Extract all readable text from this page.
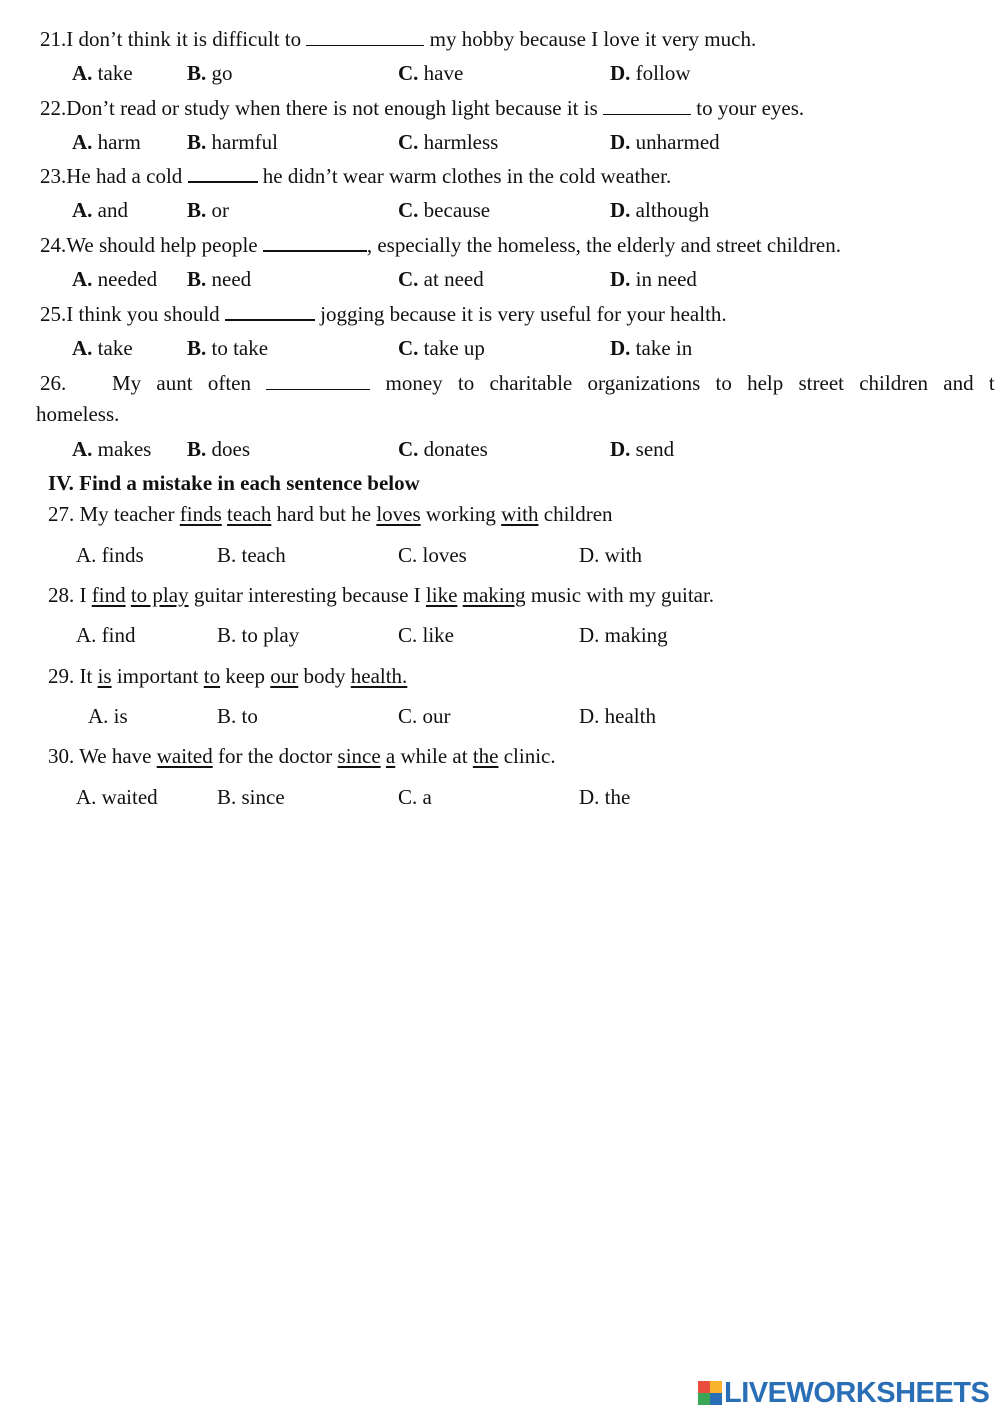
21.I don’t think it is difficult to	my hobby because I love it very much.
A. take	B. go	C. have	D. follow
22.Don’t read or study when there is not enough light because it is	to your eyes.
A. harm B. harmful	C. harmless	D. unharmed
23.He had a cold	he didn’t wear warm clothes in the cold weather.
A. and	B. or	C. because	D. although
24.We should help people	, especially the homeless, the elderly and street children.
A. needed B. need	C. at need	D. in need
25.I think you should	jogging because it is very useful for your health.
A. take	B. to take	C. take up	D. take in
26.   My aunt often	money to charitable organizations to help street children and t
homeless.
A. makes B. does	C. donates	D. send
IV. Find a mistake in each sentence below
27. My teacher finds teach hard but he loves working with children
A. finds	B. teach	C. loves	D. with
28. I find to play guitar interesting because I like making music with my guitar.
A. find	B. to play	C. like	D. making
29. It is important to keep our body health.
A. is	B. to	C. our	D. health
30. We have waited for the doctor since a while at the clinic.
A. waited	B. since	C. a	D. the
LIVEWORKSHEETS
